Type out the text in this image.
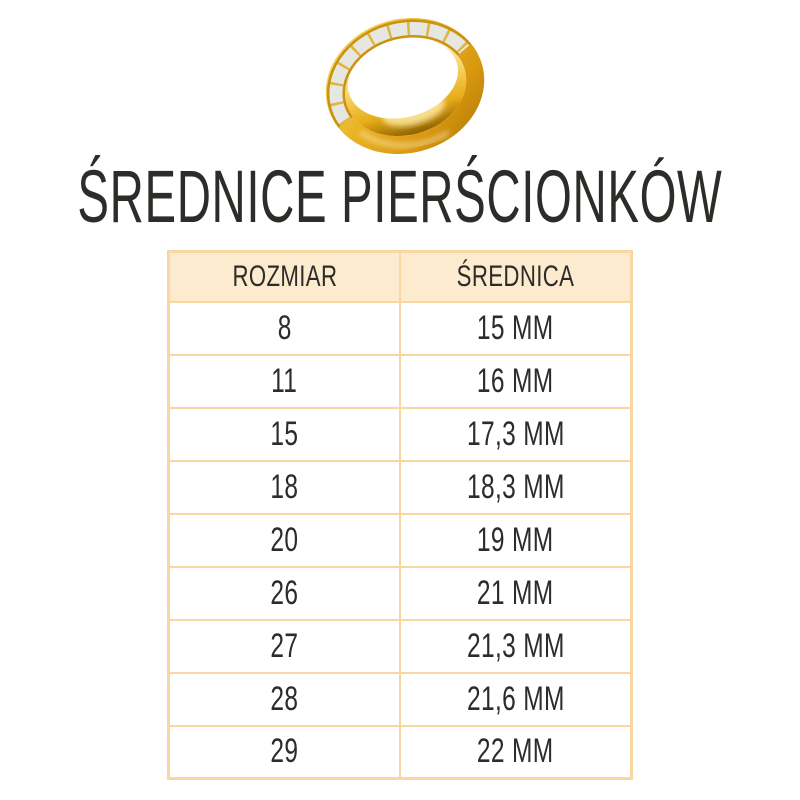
ŚREDNICE PIERŚCIONKÓW
ROZMIAR	ŚREDNICA
8	15 MM
11	16 MM
15	17,3 MM
18	18,3 MM
20	19 MM
26	21 MM
27	21,3 MM
28	21,6 MM
29	22 MM
